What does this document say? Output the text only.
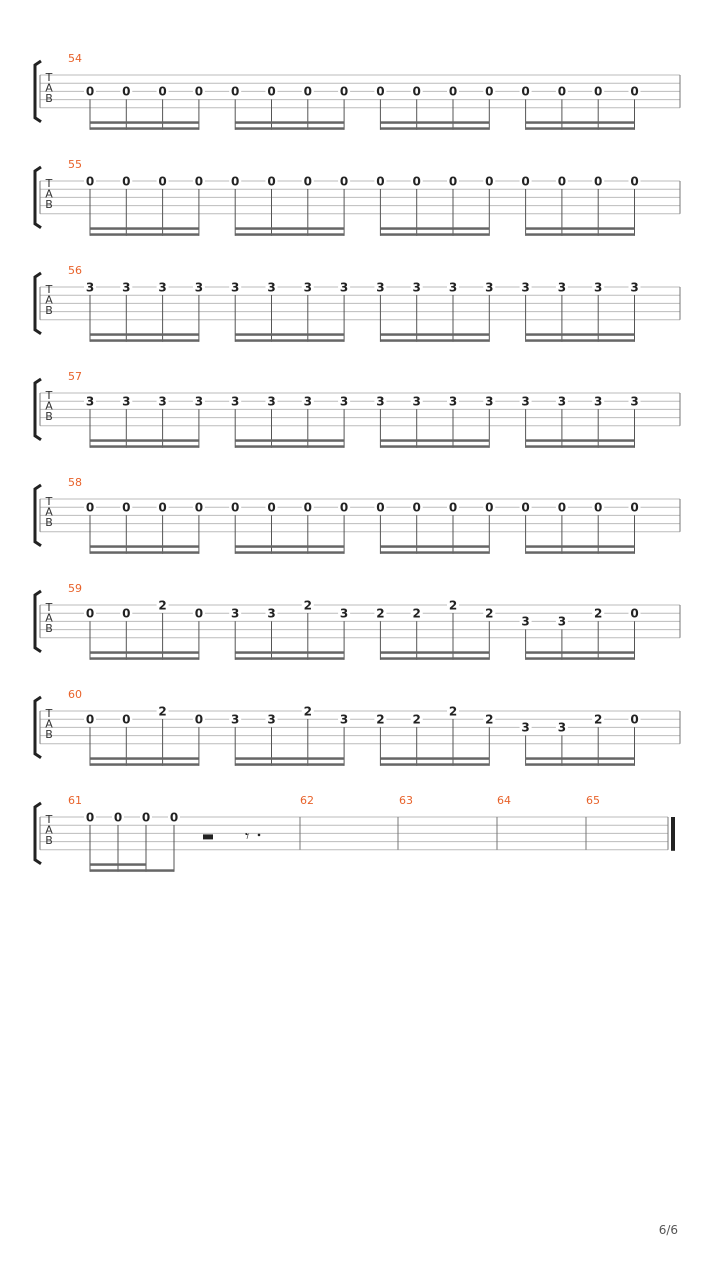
T
A
B
54
0 0 0 0 0 0 0 0 0 0 0 0 0 0 0 0
T
A
B
55
0 0 0 0 0 0 0 0 0 0 0 0 0 0 0 0
T
A
B
56
3 3 3 3 3 3 3 3 3 3 3 3 3 3 3 3
T
A
B
57
3 3 3 3 3 3 3 3 3 3 3 3 3 3 3 3
T
A
B
58
0 0 0 0 0 0 0 0 0 0 0 0 0 0 0 0
T
A
B
59
0 0
2
0 3 3
2
3 2 2
2
2
3 3
2 0
T
A
B
60
0 0
2
0 3 3
2
3 2 2
2
2
3 3
2 0
T
A
B
61	62	63	64	65
0 0 0 0
𝄾
6/6
